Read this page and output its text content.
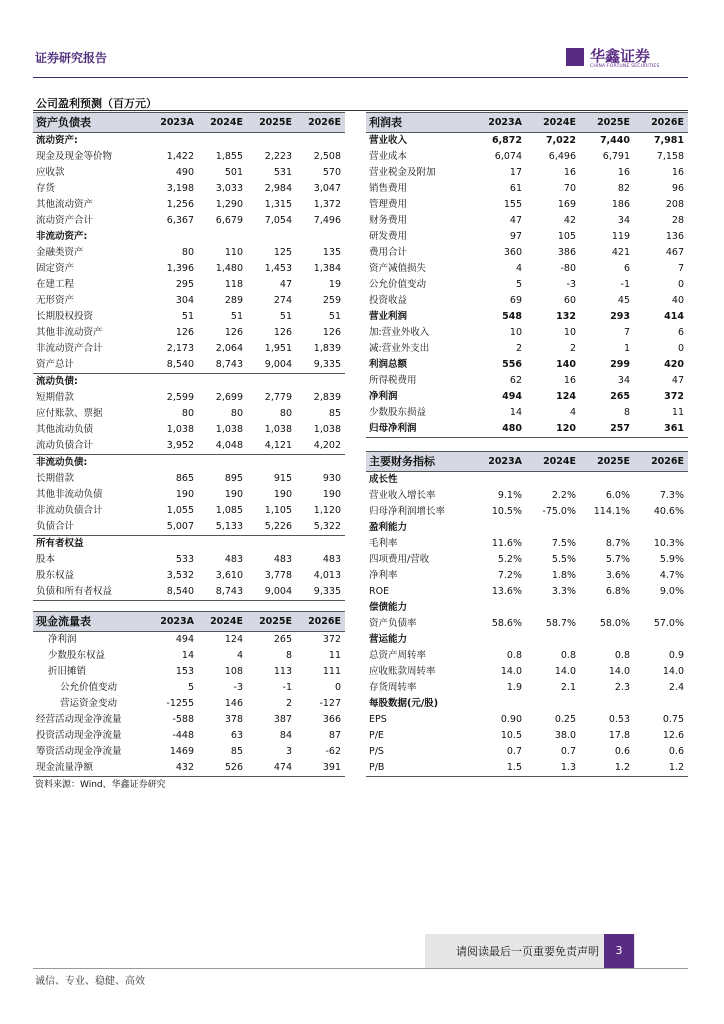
证券研究报告	华鑫证券
CHINA FORTUNE SECURITIES
公司盈利预测（百万元）
资产负债表	2023A	2024E	2025E	2026E
流动资产:				
现金及现金等价物	1,422	1,855	2,223	2,508
应收款	490	501	531	570
存货	3,198	3,033	2,984	3,047
其他流动资产	1,256	1,290	1,315	1,372
流动资产合计	6,367	6,679	7,054	7,496
非流动资产:				
金融类资产	80	110	125	135
固定资产	1,396	1,480	1,453	1,384
在建工程	295	118	47	19
无形资产	304	289	274	259
长期股权投资	51	51	51	51
其他非流动资产	126	126	126	126
非流动资产合计	2,173	2,064	1,951	1,839
资产总计	8,540	8,743	9,004	9,335
流动负债:				
短期借款	2,599	2,699	2,779	2,839
应付账款、票据	80	80	80	85
其他流动负债	1,038	1,038	1,038	1,038
流动负债合计	3,952	4,048	4,121	4,202
非流动负债:				
长期借款	865	895	915	930
其他非流动负债	190	190	190	190
非流动负债合计	1,055	1,085	1,105	1,120
负债合计	5,007	5,133	5,226	5,322
所有者权益				
股本	533	483	483	483
股东权益	3,532	3,610	3,778	4,013
负债和所有者权益	8,540	8,743	9,004	9,335
利润表	2023A	2024E	2025E	2026E
营业收入	6,872	7,022	7,440	7,981
营业成本	6,074	6,496	6,791	7,158
营业税金及附加	17	16	16	16
销售费用	61	70	82	96
管理费用	155	169	186	208
财务费用	47	42	34	28
研发费用	97	105	119	136
费用合计	360	386	421	467
资产减值损失	4	-80	6	7
公允价值变动	5	-3	-1	0
投资收益	69	60	45	40
营业利润	548	132	293	414
加:营业外收入	10	10	7	6
减:营业外支出	2	2	1	0
利润总额	556	140	299	420
所得税费用	62	16	34	47
净利润	494	124	265	372
少数股东损益	14	4	8	11
归母净利润	480	120	257	361
主要财务指标	2023A	2024E	2025E	2026E
成长性				
营业收入增长率	9.1%	2.2%	6.0%	7.3%
归母净利润增长率	10.5%	-75.0%	114.1%	40.6%
盈利能力				
毛利率	11.6%	7.5%	8.7%	10.3%
四项费用/营收	5.2%	5.5%	5.7%	5.9%
净利率	7.2%	1.8%	3.6%	4.7%
ROE	13.6%	3.3%	6.8%	9.0%
偿债能力				
资产负债率	58.6%	58.7%	58.0%	57.0%
营运能力				
总资产周转率	0.8	0.8	0.8	0.9
应收账款周转率	14.0	14.0	14.0	14.0
存货周转率	1.9	2.1	2.3	2.4
每股数据(元/股)				
EPS	0.90	0.25	0.53	0.75
P/E	10.5	38.0	17.8	12.6
P/S	0.7	0.7	0.6	0.6
P/B	1.5	1.3	1.2	1.2
现金流量表	2023A	2024E	2025E	2026E
净利润	494	124	265	372
少数股东权益	14	4	8	11
折旧摊销	153	108	113	111
公允价值变动	5	-3	-1	0
营运资金变动	-1255	146	2	-127
经营活动现金净流量	-588	378	387	366
投资活动现金净流量	-448	63	84	87
筹资活动现金净流量	1469	85	3	-62
现金流量净额	432	526	474	391
资料来源：Wind、华鑫证券研究
请阅读最后一页重要免责声明	3
诚信、专业、稳健、高效
